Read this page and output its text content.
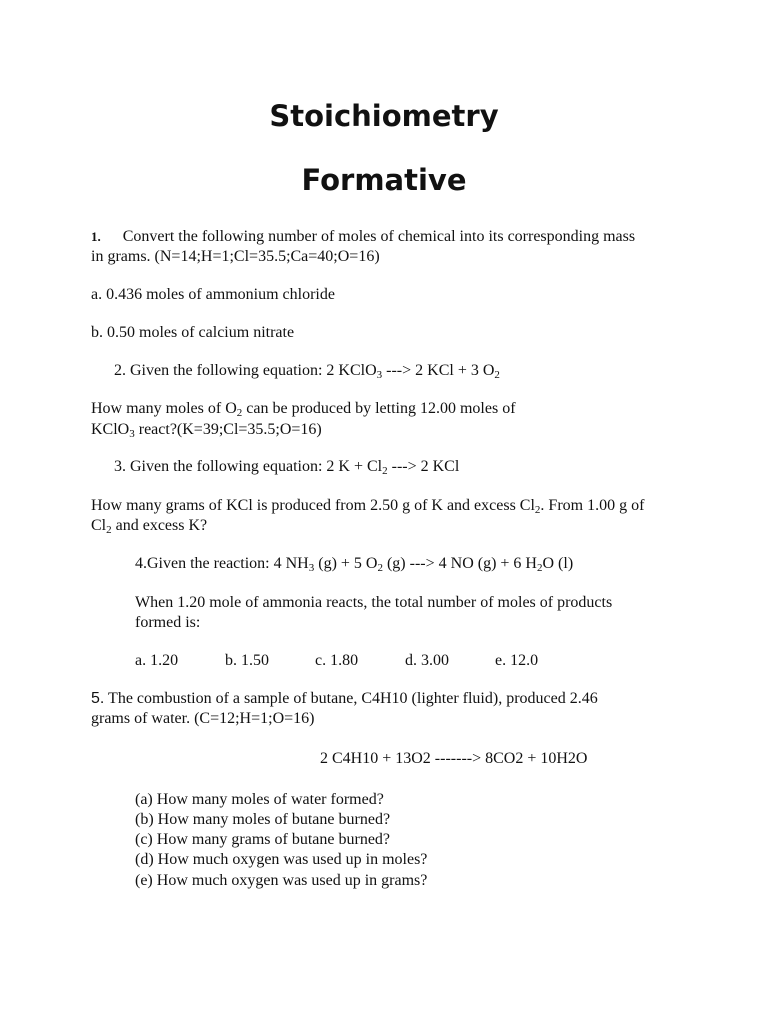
Stoichiometry
Formative
1. Convert the following number of moles of chemical into its corresponding mass
in grams. (N=14;H=1;Cl=35.5;Ca=40;O=16)
a. 0.436 moles of ammonium chloride
b. 0.50 moles of calcium nitrate
2. Given the following equation: 2 KClO$_3$ ---> 2 KCl + 3 $O_2$
How many moles of $O_2$ can be produced by letting 12.00 moles of
KClO$_3$ react?(K=39;Cl=35.5;O=16)
3. Given the following equation: 2 $K + Cl_2$ ---> 2 KCl
How many grams of KCl is produced from 2.50 g of K and excess $Cl_2$. From 1.00 g of
$Cl_2$ and excess K?
4.Given the reaction: 4 $NH_3$ (g) + 5 $O_2$ (g) ---> 4 NO (g) + 6 $H_2O$ (l)
When 1.20 mole of ammonia reacts, the total number of moles of products
formed is:
a. 1.20	b. 1.50	c. 1.80	d. 3.00	e. 12.0
5. The combustion of a sample of butane, C4H10 (lighter fluid), produced 2.46
grams of water. (C=12;H=1;O=16)
2 C4H10 + 13O2 -------> 8CO2 + 10H2O
(a) How many moles of water formed?
(b) How many moles of butane burned?
(c) How many grams of butane burned?
(d) How much oxygen was used up in moles?
(e) How much oxygen was used up in grams?
